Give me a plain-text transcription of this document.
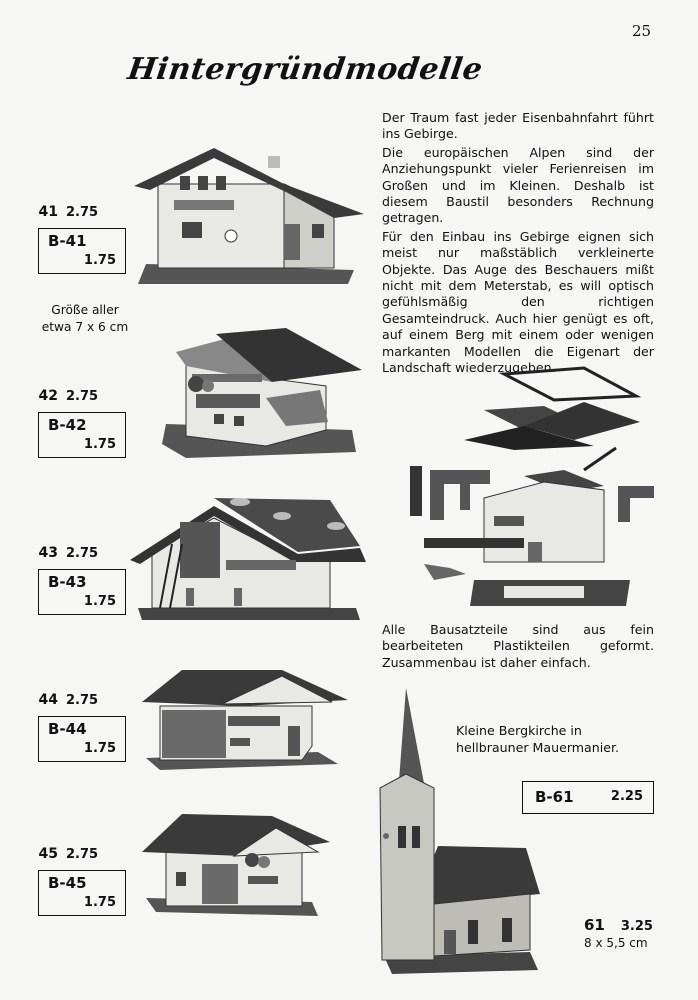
25
Hintergründmodelle

Der Traum fast jeder Eisenbahnfahrt führt ins Gebirge.

Die europäischen Alpen sind der Anziehungspunkt vieler Ferienreisen im Großen und im Kleinen. Deshalb ist diesem Baustil besonders Rechnung getragen.

Für den Einbau ins Gebirge eignen sich meist nur maßstäblich verkleinerte Objekte. Das Auge des Beschauers mißt nicht mit dem Meterstab, es will optisch gefühlsmäßig den richtigen Gesamteindruck. Auch hier genügt es oft, auf einem Berg mit einem oder wenigen markanten Modellen die Eigenart der Landschaft wiederzugeben.

Größe aller
etwa 7 x 6 cm
41 2.75
B-41
1.75
42 2.75
B-42
1.75
43 2.75
B-43
1.75
44 2.75
B-44
1.75
45 2.75
B-45
1.75
Alle Bausatzteile sind aus fein bearbeiteten Plastikteilen geformt. Zusammenbau ist daher einfach.
Kleine Bergkirche in hellbrauner Mauermanier.
B-61	2.25
61 3.25
8 x 5,5 cm
